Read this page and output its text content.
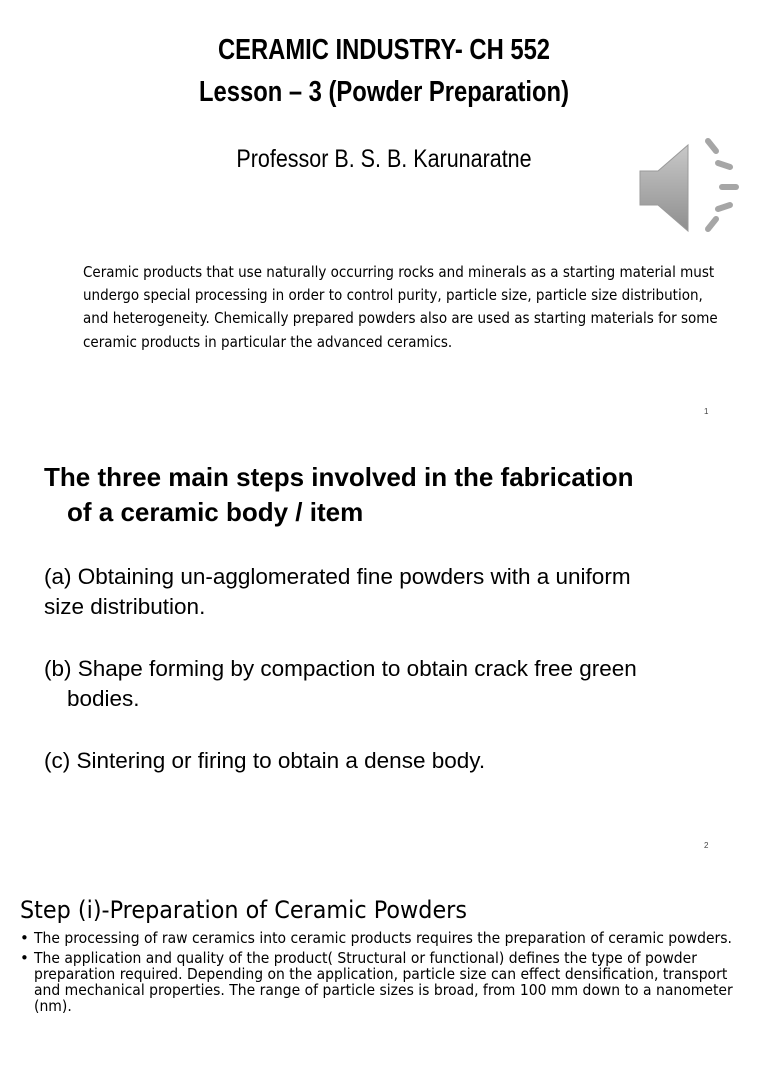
CERAMIC INDUSTRY- CH 552
Lesson – 3 (Powder Preparation)
Professor B. S. B. Karunaratne
Ceramic products that use naturally occurring rocks and minerals as a starting material must undergo special processing in order to control purity, particle size, particle size distribution, and heterogeneity. Chemically prepared powders also are used as starting materials for some ceramic products in particular the advanced ceramics.
1
The three main steps involved in the fabrication
of a ceramic body / item
(a) Obtaining un-agglomerated fine powders with a uniform
size distribution.
(b) Shape forming by compaction to obtain crack free green
bodies.
(c) Sintering or firing to obtain a dense body.
2
Step (i)-Preparation of Ceramic Powders
• The processing of raw ceramics into ceramic products requires the preparation of ceramic powders.
• The application and quality of the product( Structural or functional) defines the type of powder preparation required. Depending on the application, particle size can effect densification, transport and mechanical properties. The range of particle sizes is broad, from 100 mm down to a nanometer (nm).
